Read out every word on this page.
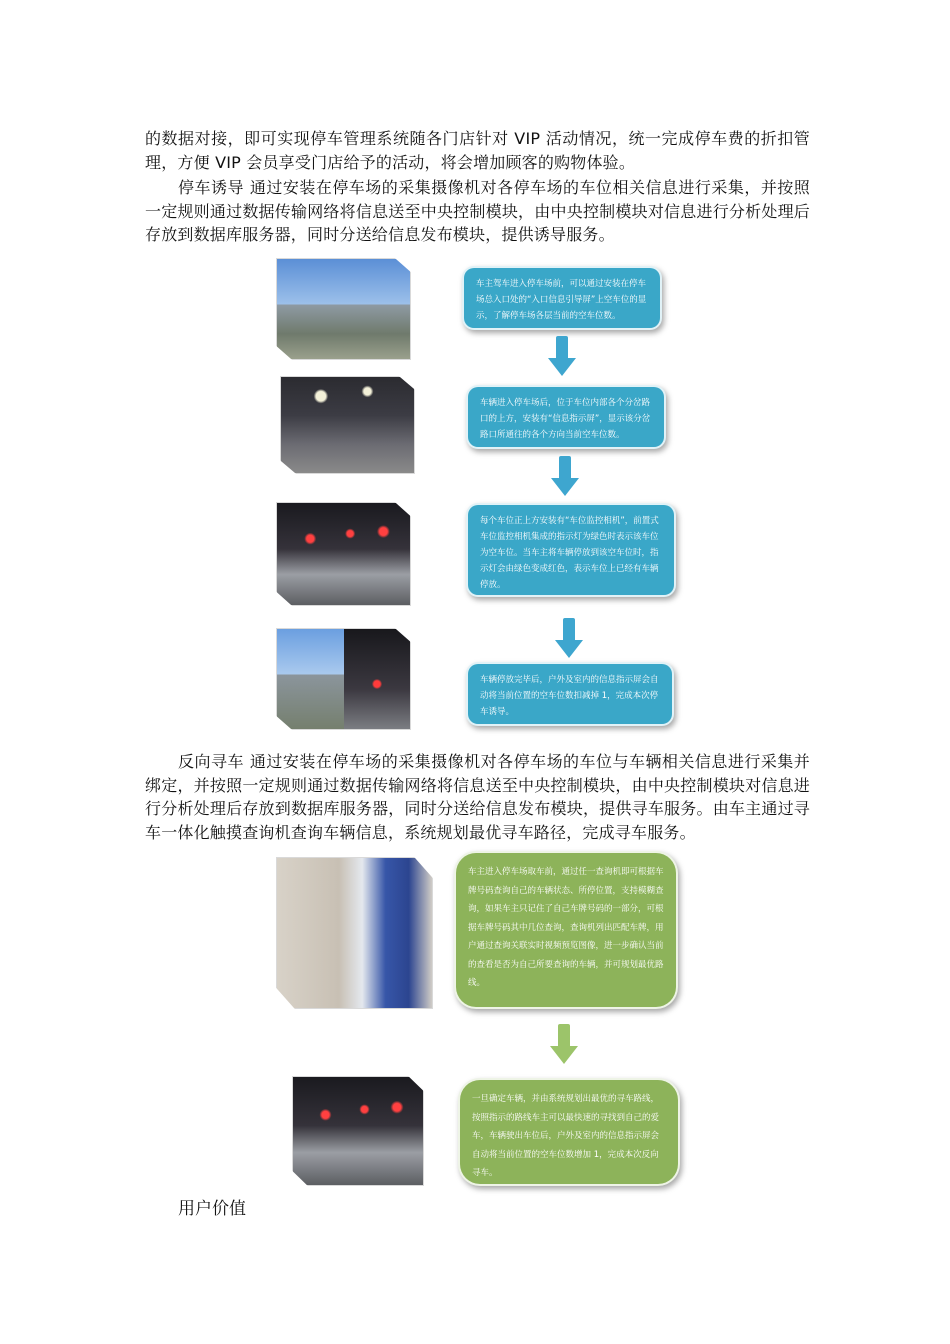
的数据对接，即可实现停车管理系统随各门店针对 VIP 活动情况，统一完成停车费的折扣管理，方便 VIP 会员享受门店给予的活动，将会增加顾客的购物体验。

停车诱导 通过安装在停车场的采集摄像机对各停车场的车位相关信息进行采集，并按照一定规则通过数据传输网络将信息送至中央控制模块，由中央控制模块对信息进行分析处理后存放到数据库服务器，同时分送给信息发布模块，提供诱导服务。

车主驾车进入停车场前，可以通过安装在停车场总入口处的“入口信息引导屏”上空车位的显示，了解停车场各层当前的空车位数。
车辆进入停车场后，位于车位内部各个分岔路口的上方，安装有“信息指示屏”，显示该分岔路口所通往的各个方向当前空车位数。
每个车位正上方安装有“车位监控相机”，前置式车位监控相机集成的指示灯为绿色时表示该车位为空车位。当车主将车辆停放到该空车位时，指示灯会由绿色变成红色，表示车位上已经有车辆停放。
车辆停放完毕后，户外及室内的信息指示屏会自动将当前位置的空车位数扣减掉 1，完成本次停车诱导。

反向寻车 通过安装在停车场的采集摄像机对各停车场的车位与车辆相关信息进行采集并绑定，并按照一定规则通过数据传输网络将信息送至中央控制模块，由中央控制模块对信息进行分析处理后存放到数据库服务器，同时分送给信息发布模块，提供寻车服务。由车主通过寻车一体化触摸查询机查询车辆信息，系统规划最优寻车路径，完成寻车服务。

车主进入停车场取车前，通过任一查询机即可根据车牌号码查询自己的车辆状态、所停位置，支持模糊查询，如果车主只记住了自己车牌号码的一部分，可根据车牌号码其中几位查询，查询机列出匹配车牌，用户通过查询关联实时视频预览图像，进一步确认当前的查看是否为自己所要查询的车辆，并可规划最优路线。
一旦确定车辆，并由系统规划出最优的寻车路线，按照指示的路线车主可以最快速的寻找到自己的爱车，车辆驶出车位后，户外及室内的信息指示屏会自动将当前位置的空车位数增加 1，完成本次反向寻车。
用户价值
